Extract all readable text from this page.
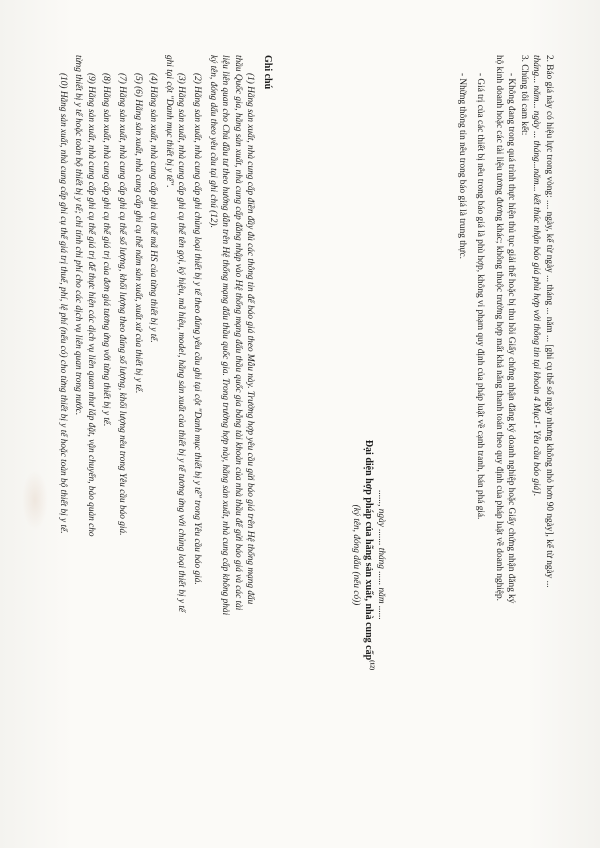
2. Báo giá này có hiệu lực trong vòng: .... ngày, kể từ ngày ... tháng ... năm ... [ghi cụ thể số ngày nhưng không nhỏ hơn 90 ngày], kể từ ngày ...
tháng... năm... ngày ... tháng...năm... kết thúc nhận báo giá phù hợp với thông tin tại khoản 4 Mục1- Yêu cầu báo giá].
3. Chúng tôi cam kết:
- Không đang trong quá trình thực hiện thủ tục giải thể hoặc bị thu hồi Giấy chứng nhận đăng ký doanh nghiệp hoặc Giấy chứng nhận đăng ký
hộ kinh doanh hoặc các tài liệu tương đương khác; không thuộc trường hợp mất khả năng thanh toán theo quy định của pháp luật về doanh nghiệp.
- Giá trị của các thiết bị nêu trong báo giá là phù hợp, không vi phạm quy định của pháp luật về cạnh tranh, bán phá giá.
- Những thông tin nêu trong báo giá là trung thực.
......, ngày ....... tháng ...... năm ......
Đại diện hợp pháp của hãng sản xuất, nhà cung cấp$^{(12)}$
(ký tên, đóng dấu (nếu có))
Ghi chú
(1) Hãng sản xuất, nhà cung cấp điền đầy đủ các thông tin để báo giá theo Mẫu này. Trường hợp yêu cầu gửi báo giá trên Hệ thống mạng đấu
thầu Quốc gia, hãng sản xuất, nhà cung cấp đăng nhập vào Hệ thống mạng đấu thầu quốc gia bằng tài khoản của nhà thầu để gửi báo giá và các tài
liệu liên quan cho Chủ đầu tư theo hướng dẫn trên Hệ thống mạng đấu thầu quốc gia. Trong trường hợp này, hãng sản xuất, nhà cung cấp không phải
ký tên, đóng dấu theo yêu cầu tại ghi chú (12).
(2) Hãng sản xuất, nhà cung cấp ghi chủng loại thiết bị y tế theo đúng yêu cầu ghi tại cột "Danh mục thiết bị y tế" trong Yêu cầu báo giá.
(3) Hãng sản xuất, nhà cung cấp ghi cụ thể tên gọi, ký hiệu, mã hiệu, model, hãng sản xuất của thiết bị y tế tương ứng với chủng loại thiết bị y tế
ghi tại cột "Danh mục thiết bị y tế".
(4) Hãng sản xuất, nhà cung cấp ghi cụ thể mã HS của từng thiết bị y tế.
(5) (6) Hãng sản xuất, nhà cung cấp ghi cụ thể năm sản xuất, xuất xứ của thiết bị y tế.
(7) Hãng sản xuất, nhà cung cấp ghi cụ thể số lượng, khối lượng theo đúng số lượng, khối lượng nêu trong Yêu cầu báo giá.
(8) Hãng sản xuất, nhà cung cấp ghi cụ thể giá trị của đơn giá tương ứng với từng thiết bị y tế.
(9) Hãng sản xuất, nhà cung cấp ghi cụ thể giá trị để thực hiện các dịch vụ liên quan như lắp đặt, vận chuyển, bảo quản cho
từng thiết bị y tế hoặc toàn bộ thiết bị y tế; chỉ tính chi phí cho các dịch vụ liên quan trong nước.
(10) Hãng sản xuất, nhà cung cấp ghi cụ thể giá trị thuế, phí, lệ phí (nếu có) cho từng thiết bị y tế hoặc toàn bộ thiết bị y tế.
